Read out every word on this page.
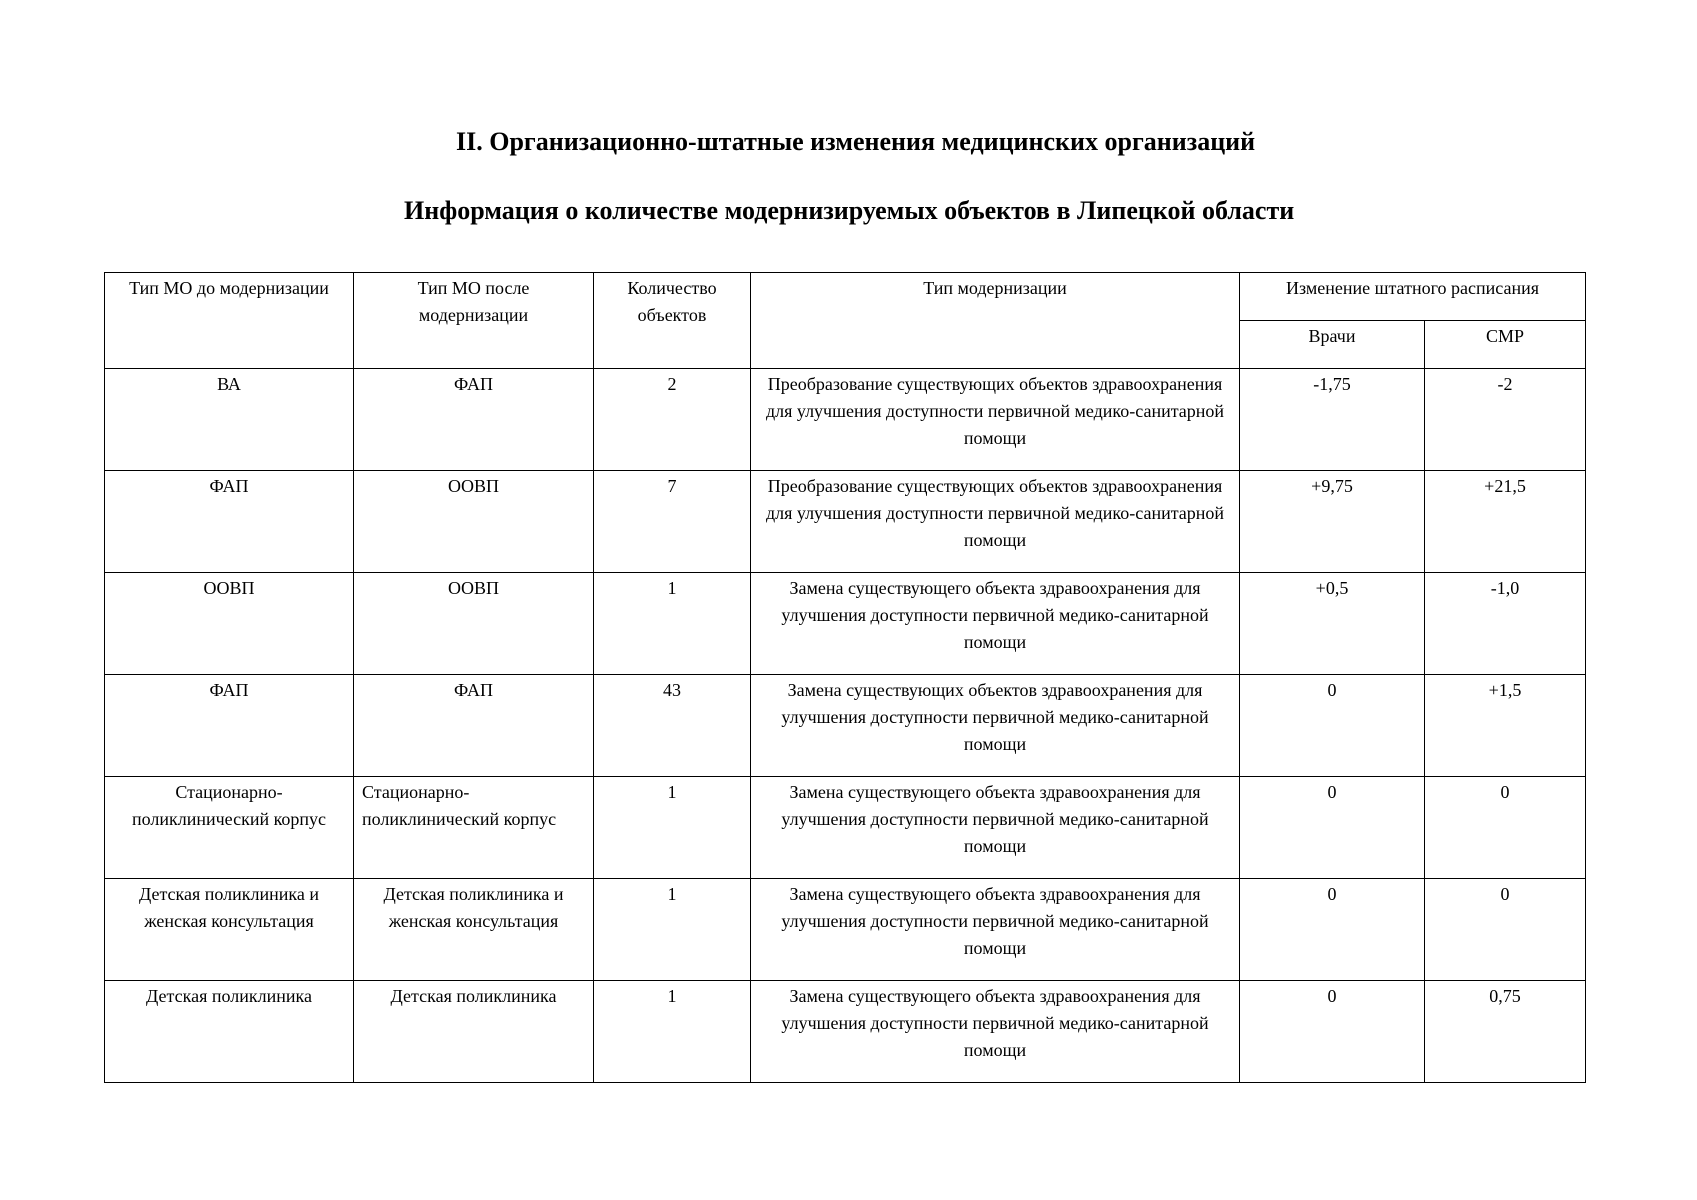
II. Организационно-штатные изменения медицинских организаций
Информация о количестве модернизируемых объектов в Липецкой области
Тип МО до модернизации	Тип МО после модернизации	Количество объектов	Тип модернизации	Изменение штатного расписания	

				Врачи	СМР

ВА	ФАП	2	Преобразование существующих объектов здравоохранения для улучшения доступности первичной медико-санитарной помощи	-1,75	-2
ФАП	ООВП	7	Преобразование существующих объектов здравоохранения для улучшения доступности первичной медико-санитарной помощи	+9,75	+21,5
ООВП	ООВП	1	Замена существующего объекта здравоохранения для улучшения доступности первичной медико-санитарной помощи	+0,5	-1,0
ФАП	ФАП	43	Замена существующих объектов здравоохранения для улучшения доступности первичной медико-санитарной помощи	0	+1,5
Стационарно-поликлинический корпус	Стационарно-поликлинический корпус	1	Замена существующего объекта здравоохранения для улучшения доступности первичной медико-санитарной помощи	0	0
Детская поликлиника и женская консультация	Детская поликлиника и женская консультация	1	Замена существующего объекта здравоохранения для улучшения доступности первичной медико-санитарной помощи	0	0
Детская поликлиника	Детская поликлиника	1	Замена существующего объекта здравоохранения для улучшения доступности первичной медико-санитарной помощи	0	0,75
